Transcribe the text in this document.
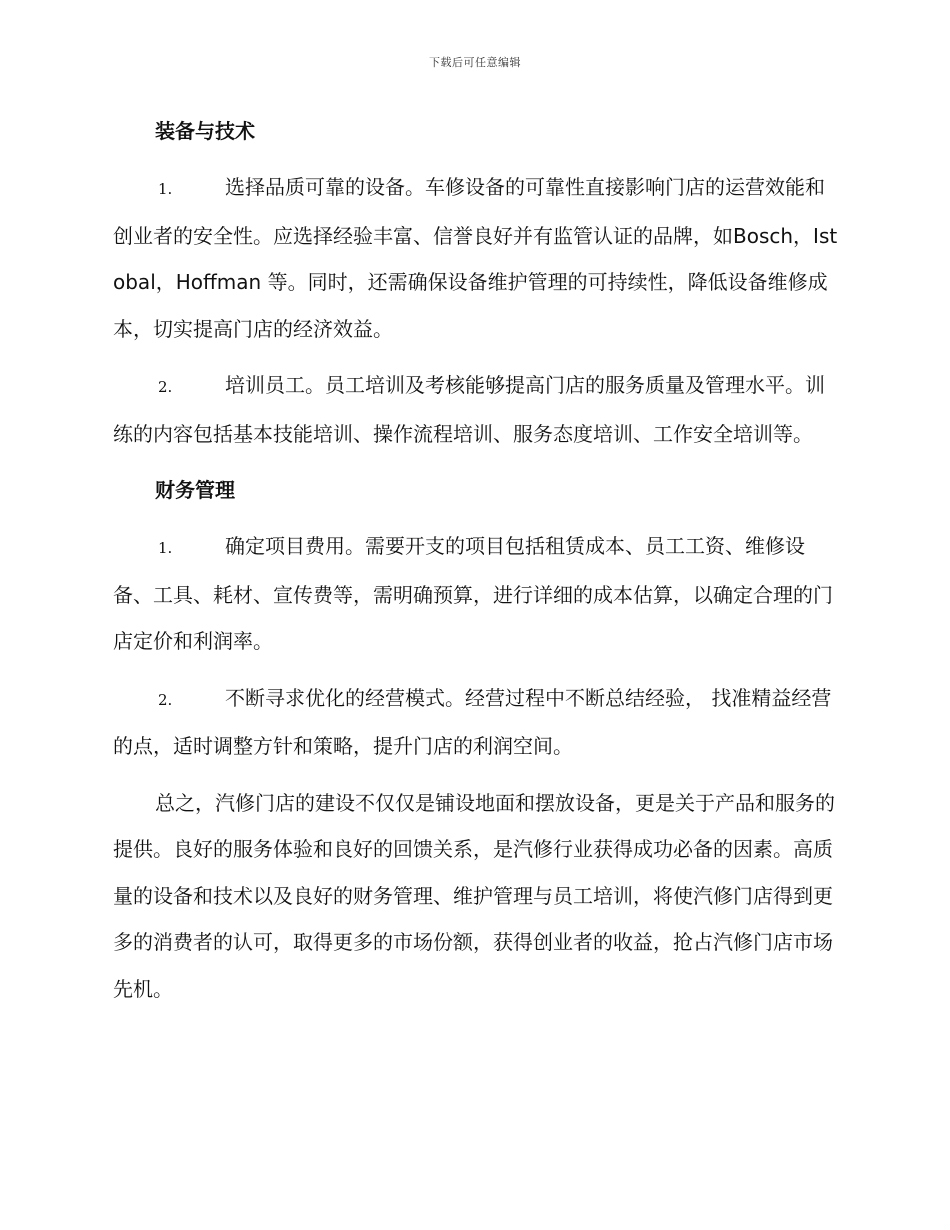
下载后可任意编辑
装备与技术

1.	选择品质可靠的设备。车修设备的可靠性直接影响门店的运营效能和创业者的安全性。应选择经验丰富、信誉良好并有监管认证的品牌，如Bosch，Istobal，Hoffman 等。同时，还需确保设备维护管理的可持续性，降低设备维修成本，切实提高门店的经济效益。

2.	培训员工。员工培训及考核能够提高门店的服务质量及管理水平。训练的内容包括基本技能培训、操作流程培训、服务态度培训、工作安全培训等。

财务管理

1.	确定项目费用。需要开支的项目包括租赁成本、员工工资、维修设备、工具、耗材、宣传费等，需明确预算，进行详细的成本估算，以确定合理的门店定价和利润率。

2.	不断寻求优化的经营模式。经营过程中不断总结经验， 找准精益经营的点，适时调整方针和策略，提升门店的利润空间。

总之，汽修门店的建设不仅仅是铺设地面和摆放设备，更是关于产品和服务的提供。良好的服务体验和良好的回馈关系，是汽修行业获得成功必备的因素。高质量的设备和技术以及良好的财务管理、维护管理与员工培训，将使汽修门店得到更多的消费者的认可，取得更多的市场份额，获得创业者的收益，抢占汽修门店市场先机。
